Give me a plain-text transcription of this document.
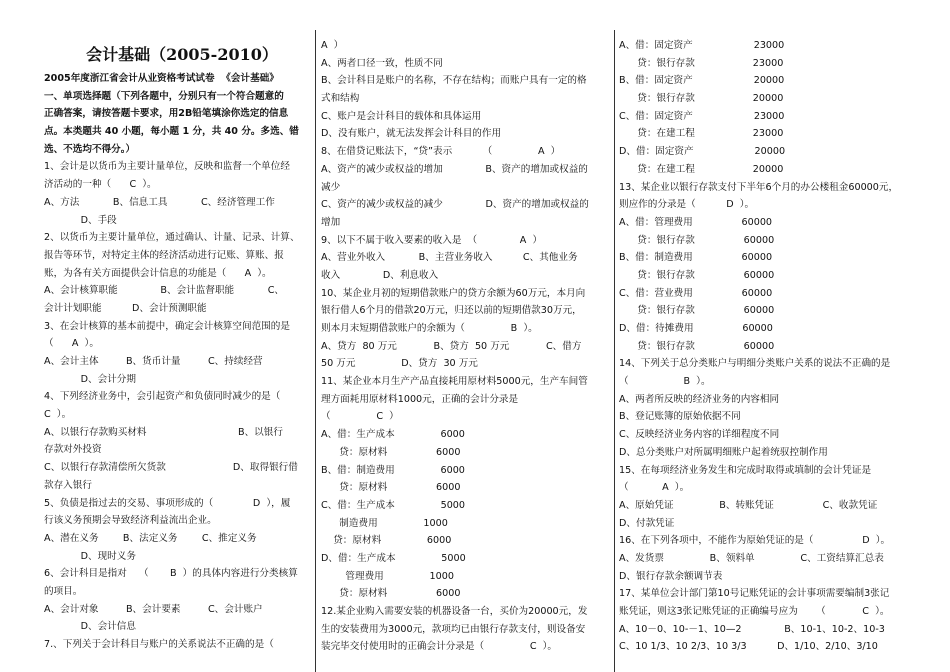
会计基础（2005-2010）
2005年度浙江省会计从业资格考试试卷  《会计基础》
一、单项选择题（下列各题中，分别只有一个符合题意的
正确答案，请按答题卡要求，用2B铅笔填涂你选定的信息
点。本类题共 40 小题，每小题 1 分，共 40 分。多选、错
选、不选均不得分。）
1、会计是以货币为主要计量单位，反映和监督一个单位经
济活动的一种（      C  ）。
A、方法           B、信息工具           C、经济管理工作
D、手段
2、以货币为主要计量单位，通过确认、计量、记录、计算、
报告等环节，对特定主体的经济活动进行记账、算账、报
账，为各有关方面提供会计信息的功能是（      A  ）。
A、会计核算职能              B、会计监督职能           C、
会计计划职能          D、会计预测职能
3、在会计核算的基本前提中，确定会计核算空间范围的是
（      A  ）。
A、会计主体         B、货币计量         C、持续经营
D、会计分期
4、下列经济业务中，会引起资产和负债同时减少的是（
C  ）。
A、以银行存款购买材料                              B、以银行
存款对外投资
C、以银行存款清偿所欠货款                      D、取得银行借
款存入银行
5、负债是指过去的交易、事项形成的（             D  ），履
行该义务预期会导致经济利益流出企业。
A、潜在义务        B、法定义务        C、推定义务
D、现时义务
6、会计科目是指对    （       B  ）的具体内容进行分类核算
的项目。
A、会计对象         B、会计要素         C、会计账户
D、会计信息
7.、下列关于会计科目与账户的关系说法不正确的是（
A  ）
A、两者口径一致，性质不同
B、会计科目是账户的名称，不存在结构；而账户具有一定的格
式和结构
C、账户是会计科目的载体和具体运用
D、没有账户，就无法发挥会计科目的作用
8、在借贷记账法下，“贷”表示          （               A  ）
A、资产的减少或权益的增加              B、资产的增加或权益的
减少
C、资产的减少或权益的减少              D、资产的增加或权益的
增加
9、以下不属于收入要素的收入是  （              A  ）
A、营业外收入           B、主营业务收入          C、其他业务
收入              D、利息收入
10、某企业月初的短期借款账户的贷方余额为60万元，本月向
银行借人6个月的借款20万元，归还以前的短期借款30万元，
则本月末短期借款账户的余额为（               B  ）。
A、贷方  80 万元            B、贷方  50 万元            C、借方
50 万元               D、贷方  30 万元
11、某企业本月生产产品直接耗用原材料5000元，生产车间管
理方面耗用原材料1000元，正确的会计分录是
（               C  ）
A、借：生产成本               6000
贷：原材料                6000
B、借：制造费用               6000
贷：原材料                6000
C、借：生产成本               5000
制造费用               1000
贷：原材料               6000
D、借：生产成本               5000
管理费用               1000
贷：原材料                6000
12.某企业购入需要安装的机器设备一台，买价为20000元，发
生的安装费用为3000元，款项均已由银行存款支付，则设备安
装完毕交付使用时的正确会计分录是（               C  ）。
A、借：固定资产                    23000
贷：银行存款                   23000
B、借：固定资产                    20000
贷：银行存款                   20000
C、借：固定资产                    23000
贷：在建工程                   23000
D、借：固定资产                    20000
贷：在建工程                   20000
13、某企业以银行存款支付下半年6个月的办公楼租金60000元，
则应作的分录是（          D  ）。
A、借：管理费用                60000
贷：银行存款                60000
B、借：制造费用                60000
贷：银行存款                60000
C、借：营业费用                60000
贷：银行存款                60000
D、借：待摊费用                60000
贷：银行存款                60000
14、下列关于总分类账户与明细分类账户关系的说法不正确的是
（                  B  ）。
A、两者所反映的经济业务的内容相同
B、登记账簿的原始依据不同
C、反映经济业务内容的详细程度不同
D、总分类账户对所属明细账户起着统驭控制作用
15、在每项经济业务发生和完成时取得或填制的会计凭证是
（           A  ）。
A、原始凭证               B、转账凭证                C、收款凭证
D、付款凭证
16、在下列各项中，不能作为原始凭证的是（                D  ）。
A、发货票               B、领料单               C、工资结算汇总表
D、银行存款余额调节表
17、某单位会计部门第10号记账凭证的会计事项需要编制3张记
账凭证，则这3张记账凭证的正确编号应为      （            C  ）。
A、10－0、10-－1、10—2              B、10-1、10-2、10-3
C、10 1/3、10 2/3、10 3/3          D、1/10、2/10、3/10
